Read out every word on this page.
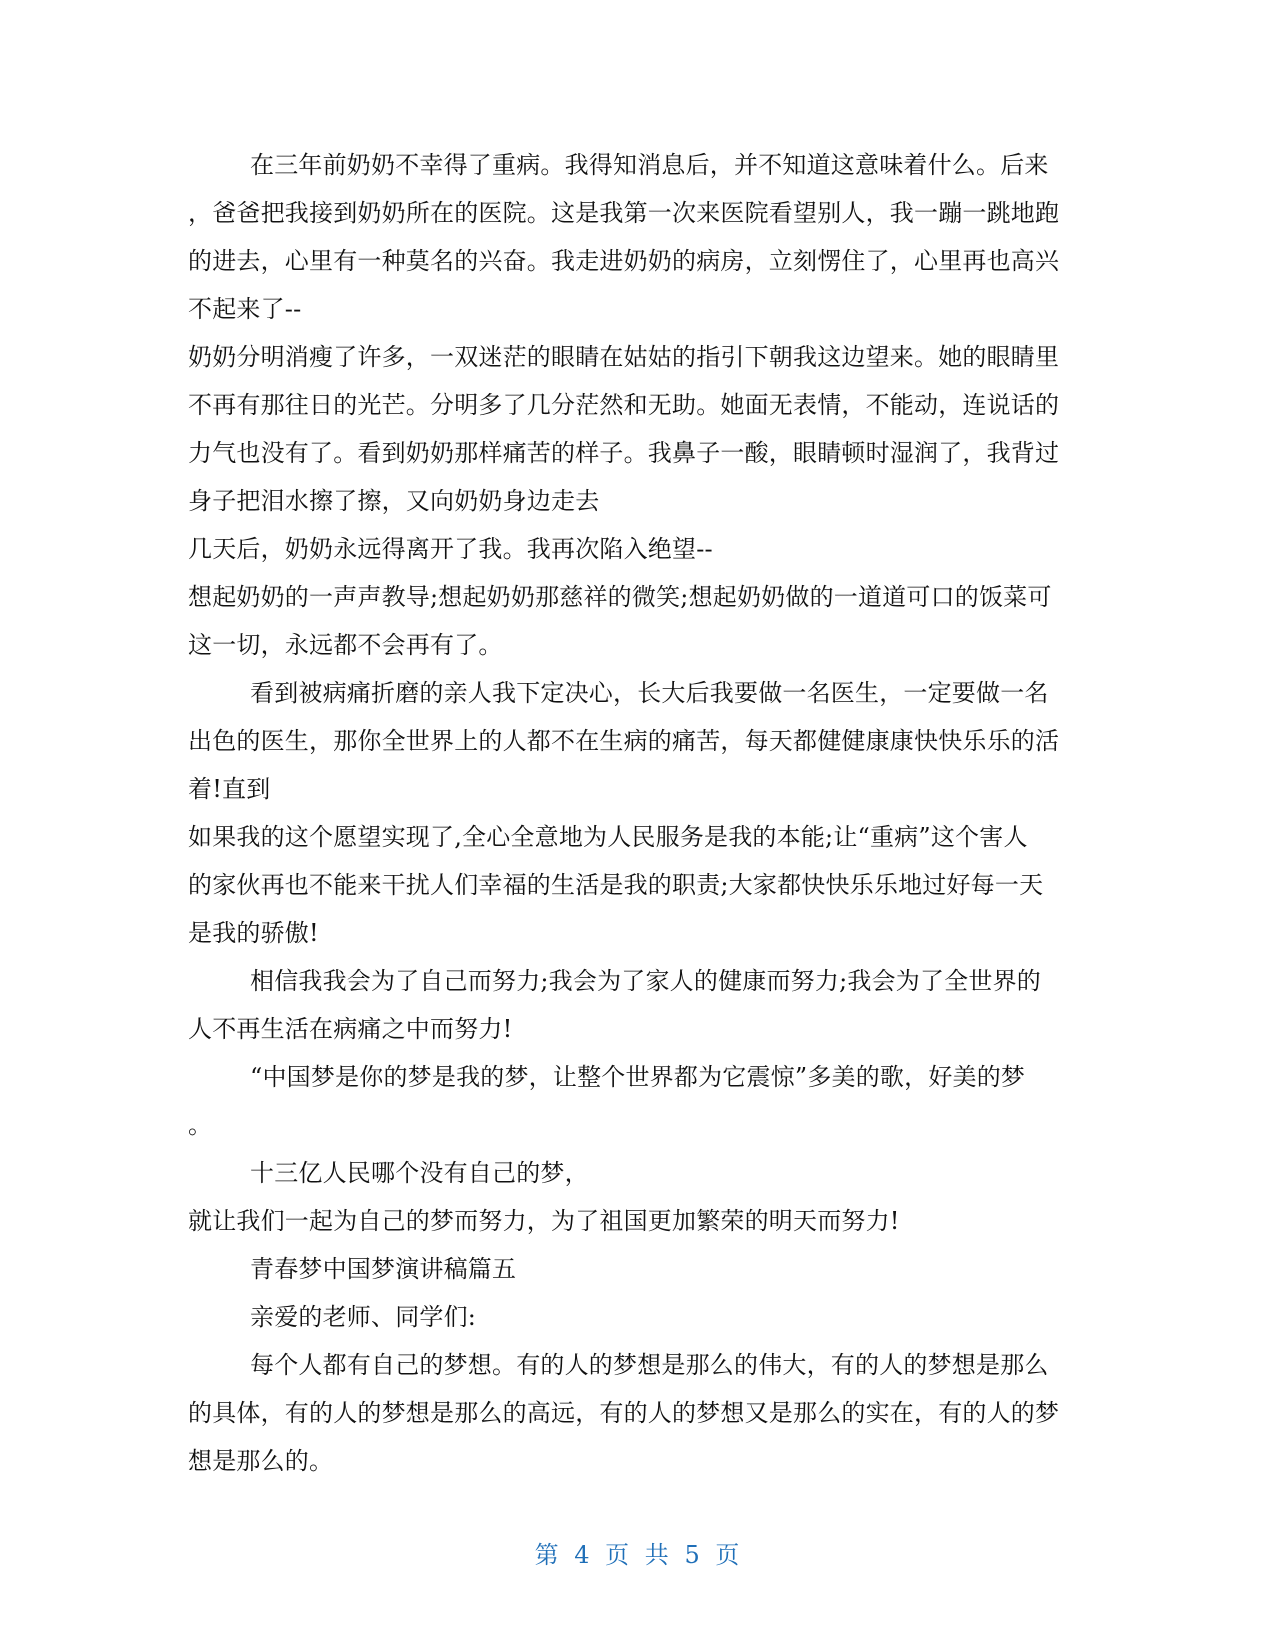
在三年前奶奶不幸得了重病。我得知消息后，并不知道这意味着什么。后来
，爸爸把我接到奶奶所在的医院。这是我第一次来医院看望别人，我一蹦一跳地跑
的进去，心里有一种莫名的兴奋。我走进奶奶的病房，立刻愣住了，心里再也高兴
不起来了--
奶奶分明消瘦了许多，一双迷茫的眼睛在姑姑的指引下朝我这边望来。她的眼睛里
不再有那往日的光芒。分明多了几分茫然和无助。她面无表情，不能动，连说话的
力气也没有了。看到奶奶那样痛苦的样子。我鼻子一酸，眼睛顿时湿润了，我背过
身子把泪水擦了擦，又向奶奶身边走去
几天后，奶奶永远得离开了我。我再次陷入绝望--
想起奶奶的一声声教导;想起奶奶那慈祥的微笑;想起奶奶做的一道道可口的饭菜可
这一切，永远都不会再有了。
看到被病痛折磨的亲人我下定决心，长大后我要做一名医生，一定要做一名
出色的医生，那你全世界上的人都不在生病的痛苦，每天都健健康康快快乐乐的活
着!直到
如果我的这个愿望实现了,全心全意地为人民服务是我的本能;让“重病”这个害人
的家伙再也不能来干扰人们幸福的生活是我的职责;大家都快快乐乐地过好每一天
是我的骄傲!
相信我我会为了自己而努力;我会为了家人的健康而努力;我会为了全世界的
人不再生活在病痛之中而努力!
“中国梦是你的梦是我的梦，让整个世界都为它震惊”多美的歌，好美的梦
。
十三亿人民哪个没有自己的梦，
就让我们一起为自己的梦而努力，为了祖国更加繁荣的明天而努力!
青春梦中国梦演讲稿篇五
亲爱的老师、同学们:
每个人都有自己的梦想。有的人的梦想是那么的伟大，有的人的梦想是那么
的具体，有的人的梦想是那么的高远，有的人的梦想又是那么的实在，有的人的梦
想是那么的。
第 4 页 共 5 页
